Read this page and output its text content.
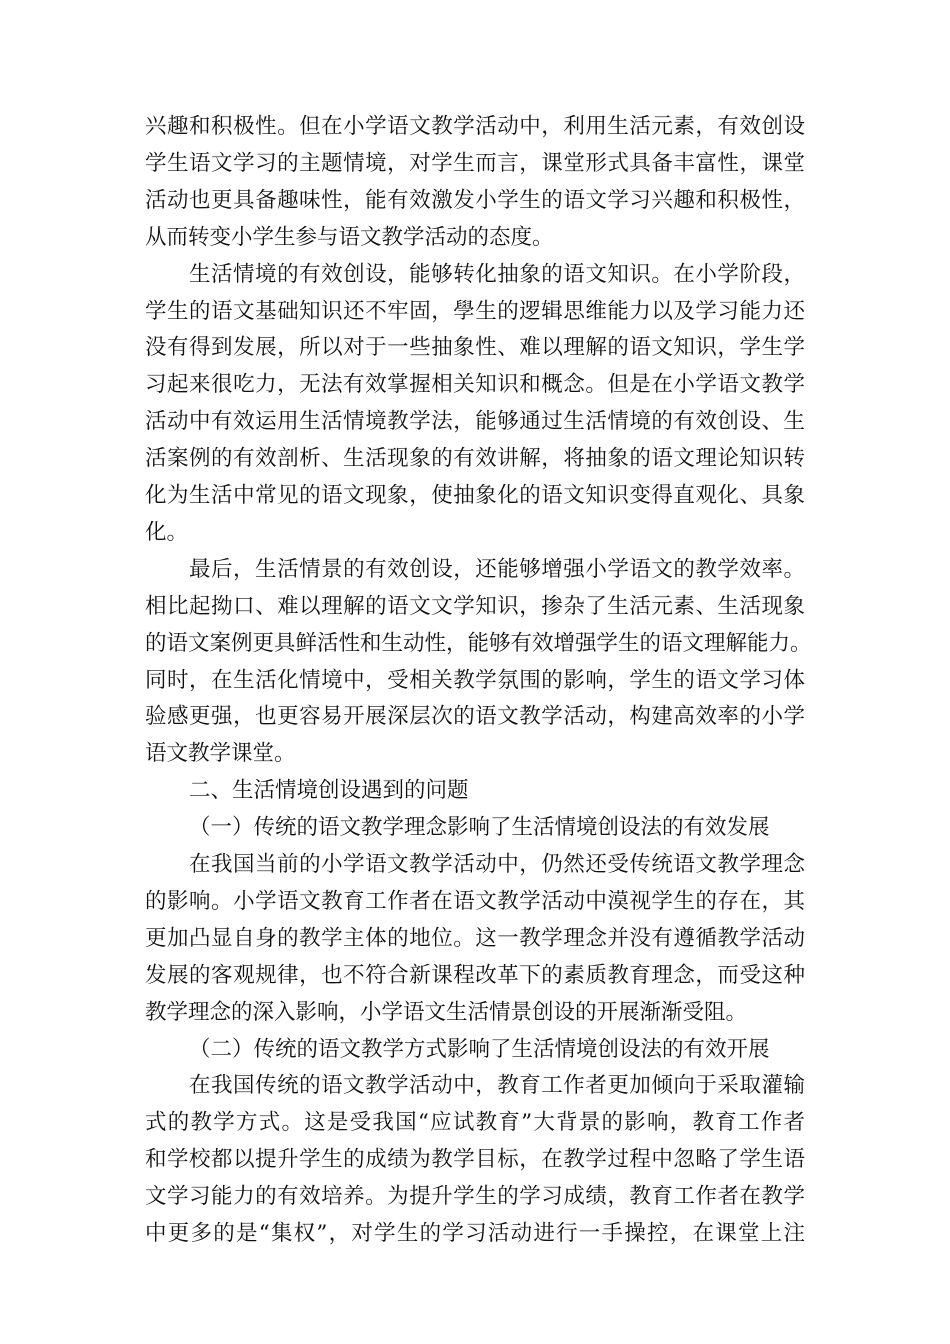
兴趣和积极性。但在小学语文教学活动中，利用生活元素，有效创设
学生语文学习的主题情境，对学生而言，课堂形式具备丰富性，课堂
活动也更具备趣味性，能有效激发小学生的语文学习兴趣和积极性，
从而转变小学生参与语文教学活动的态度。
生活情境的有效创设，能够转化抽象的语文知识。在小学阶段，
学生的语文基础知识还不牢固，學生的逻辑思维能力以及学习能力还
没有得到发展，所以对于一些抽象性、难以理解的语文知识，学生学
习起来很吃力，无法有效掌握相关知识和概念。但是在小学语文教学
活动中有效运用生活情境教学法，能够通过生活情境的有效创设、生
活案例的有效剖析、生活现象的有效讲解，将抽象的语文理论知识转
化为生活中常见的语文现象，使抽象化的语文知识变得直观化、具象
化。
最后，生活情景的有效创设，还能够增强小学语文的教学效率。
相比起拗口、难以理解的语文文学知识，掺杂了生活元素、生活现象
的语文案例更具鲜活性和生动性，能够有效增强学生的语文理解能力。
同时，在生活化情境中，受相关教学氛围的影响，学生的语文学习体
验感更强，也更容易开展深层次的语文教学活动，构建高效率的小学
语文教学课堂。
二、生活情境创设遇到的问题
（一）传统的语文教学理念影响了生活情境创设法的有效发展
在我国当前的小学语文教学活动中，仍然还受传统语文教学理念
的影响。小学语文教育工作者在语文教学活动中漠视学生的存在，其
更加凸显自身的教学主体的地位。这一教学理念并没有遵循教学活动
发展的客观规律，也不符合新课程改革下的素质教育理念，而受这种
教学理念的深入影响，小学语文生活情景创设的开展渐渐受阻。
（二）传统的语文教学方式影响了生活情境创设法的有效开展
在我国传统的语文教学活动中，教育工作者更加倾向于采取灌输
式的教学方式。这是受我国“应试教育”大背景的影响，教育工作者
和学校都以提升学生的成绩为教学目标，在教学过程中忽略了学生语
文学习能力的有效培养。为提升学生的学习成绩，教育工作者在教学
中更多的是“集权”，对学生的学习活动进行一手操控，在课堂上注
